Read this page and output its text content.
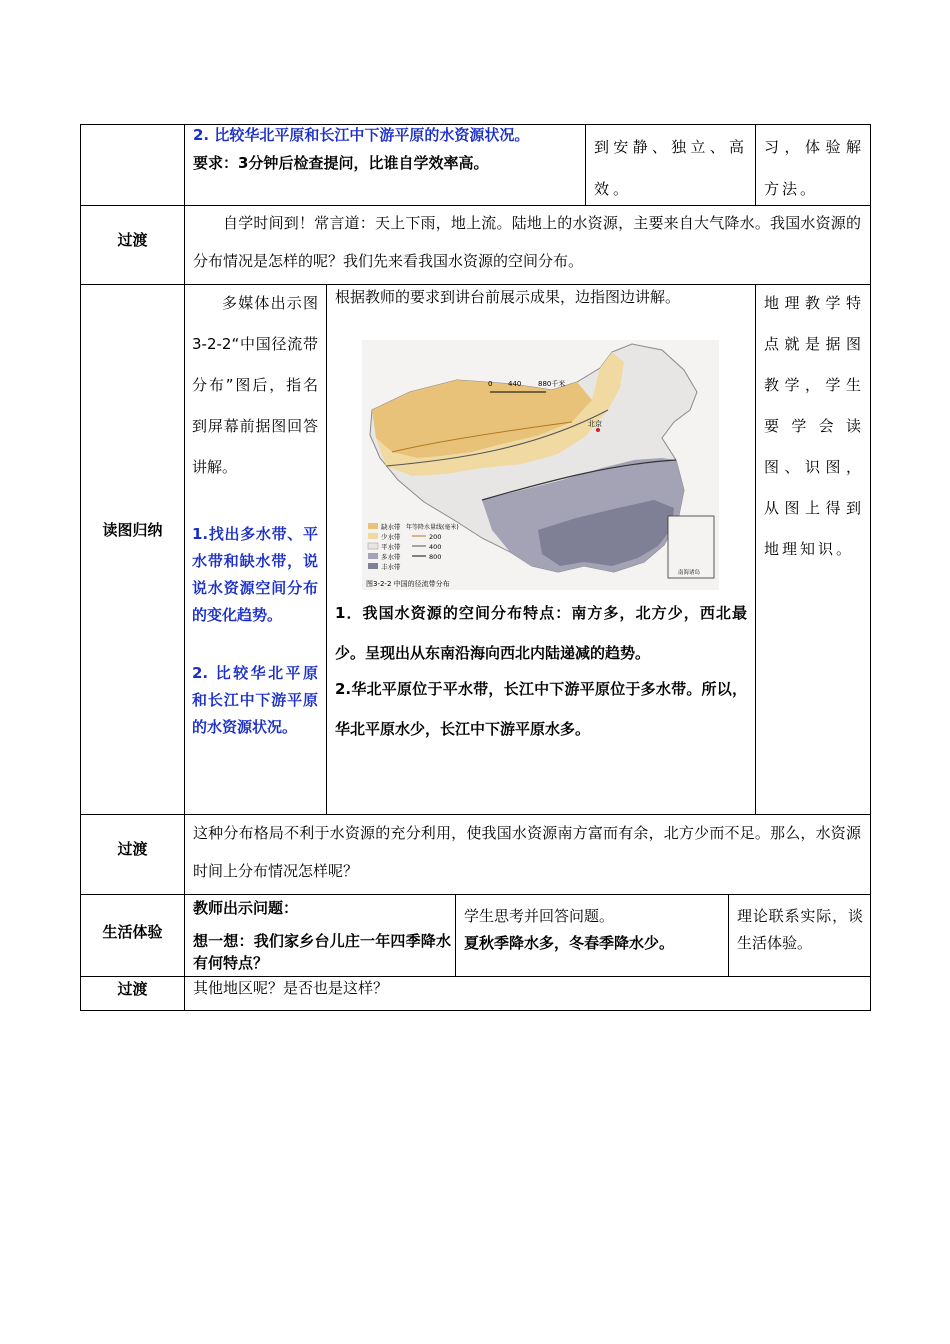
2. 比较华北平原和长江中下游平原的水资源状况。
要求：3分钟后检查提问，比谁自学效率高。
到安静、独立、高效。
习，体验解方法。
过渡
自学时间到！常言道：天上下雨，地上流。陆地上的水资源，主要来自大气降水。我国水资源的分布情况是怎样的呢？我们先来看我国水资源的空间分布。
读图归纳
多媒体出示图3-2-2“中国径流带分布”图后，指名到屏幕前据图回答讲解。
1.找出多水带、平水带和缺水带，说说水资源空间分布的变化趋势。
2. 比较华北平原和长江中下游平原的水资源状况。
根据教师的要求到讲台前展示成果，边指图边讲解。
0 440 880千米
北京
缺水带
少水带
平水带
多水带
丰水带
年等降水量线(毫米)
200
400
800
南海诸岛
图3-2-2 中国的径流带分布
1．我国水资源的空间分布特点：南方多，北方少，西北最少。呈现出从东南沿海向西北内陆递减的趋势。
2.华北平原位于平水带，长江中下游平原位于多水带。所以，华北平原水少，长江中下游平原水多。
地理教学特点就是据图教学，学生要学会读图、识图，从图上得到地理知识。
过渡
这种分布格局不利于水资源的充分利用，使我国水资源南方富而有余，北方少而不足。那么，水资源时间上分布情况怎样呢？
生活体验
教师出示问题：
想一想：我们家乡台儿庄一年四季降水有何特点？
学生思考并回答问题。
夏秋季降水多，冬春季降水少。
理论联系实际，谈生活体验。
过渡	其他地区呢？是否也是这样？
